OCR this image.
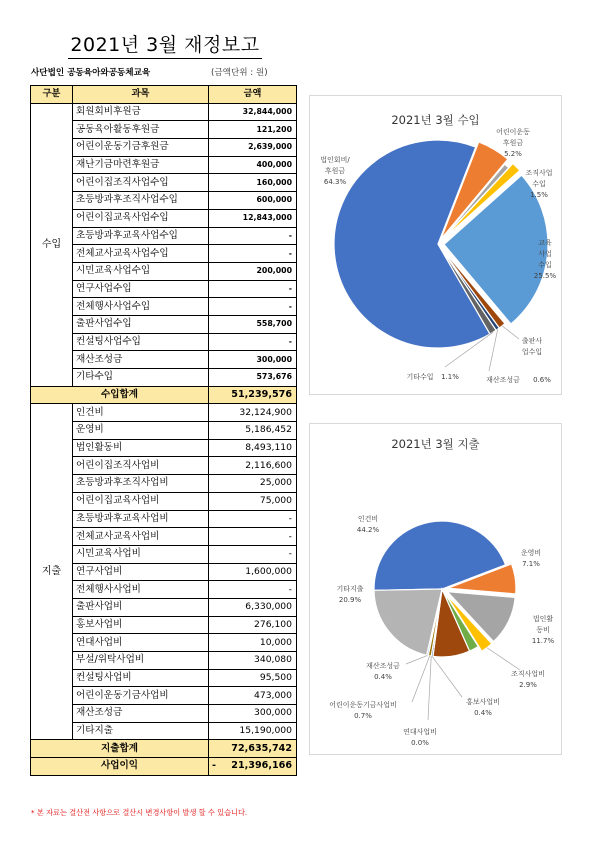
2021년 3월 재정보고
사단법인 공동육아와공동체교육	(금액단위 : 원)
구분	과목	금액
수입	회원회비후원금	32,844,000
	공동육아활동후원금	121,200
	어린이운동기금후원금	2,639,000
	재난기금마련후원금	400,000
	어린이집조직사업수입	160,000
	초등방과후조직사업수입	600,000
	어린이집교육사업수입	12,843,000
	초등방과후교육사업수입	-
	전체교사교육사업수입	-
	시민교육사업수입	200,000
	연구사업수입	-
	전체행사사업수입	-
	출판사업수입	558,700
	컨설팅사업수입	-
	재산조성금	300,000
	기타수입	573,676
수입합계		51,239,576
지출	인건비	32,124,900
	운영비	5,186,452
	법인활동비	8,493,110
	어린이집조직사업비	2,116,600
	초등방과후조직사업비	25,000
	어린이집교육사업비	75,000
	초등방과후교육사업비	-
	전체교사교육사업비	-
	시민교육사업비	-
	연구사업비	1,600,000
	전체행사사업비	-
	출판사업비	6,330,000
	홍보사업비	276,100
	연대사업비	10,000
	부설/위탁사업비	340,080
	컨설팅사업비	95,500
	어린이운동기금사업비	473,000
	재산조성금	300,000
	기타지출	15,190,000
지출합계		72,635,742
사업이익		- 21,396,166
* 본 자료는 결산전 사항으로 결산시 변경사항이 발생 할 수 있습니다.
2021년 3월 수입
법인회비/
후원금
64.3%
어린이운동
후원금
5.2%
조직사업
수입
1.5%
교육
사업
수입
25.5%
출판사
업수입
재산조성금 0.6%
기타수입 1.1%
2021년 3월 지출
인건비
44.2%
운영비
7.1%
법인활
동비
11.7%
조직사업비
2.9%
기타지출
20.9%
재산조성금
0.4%
어린이운동기금사업비
0.7%
홍보사업비
0.4%
연대사업비
0.0%
